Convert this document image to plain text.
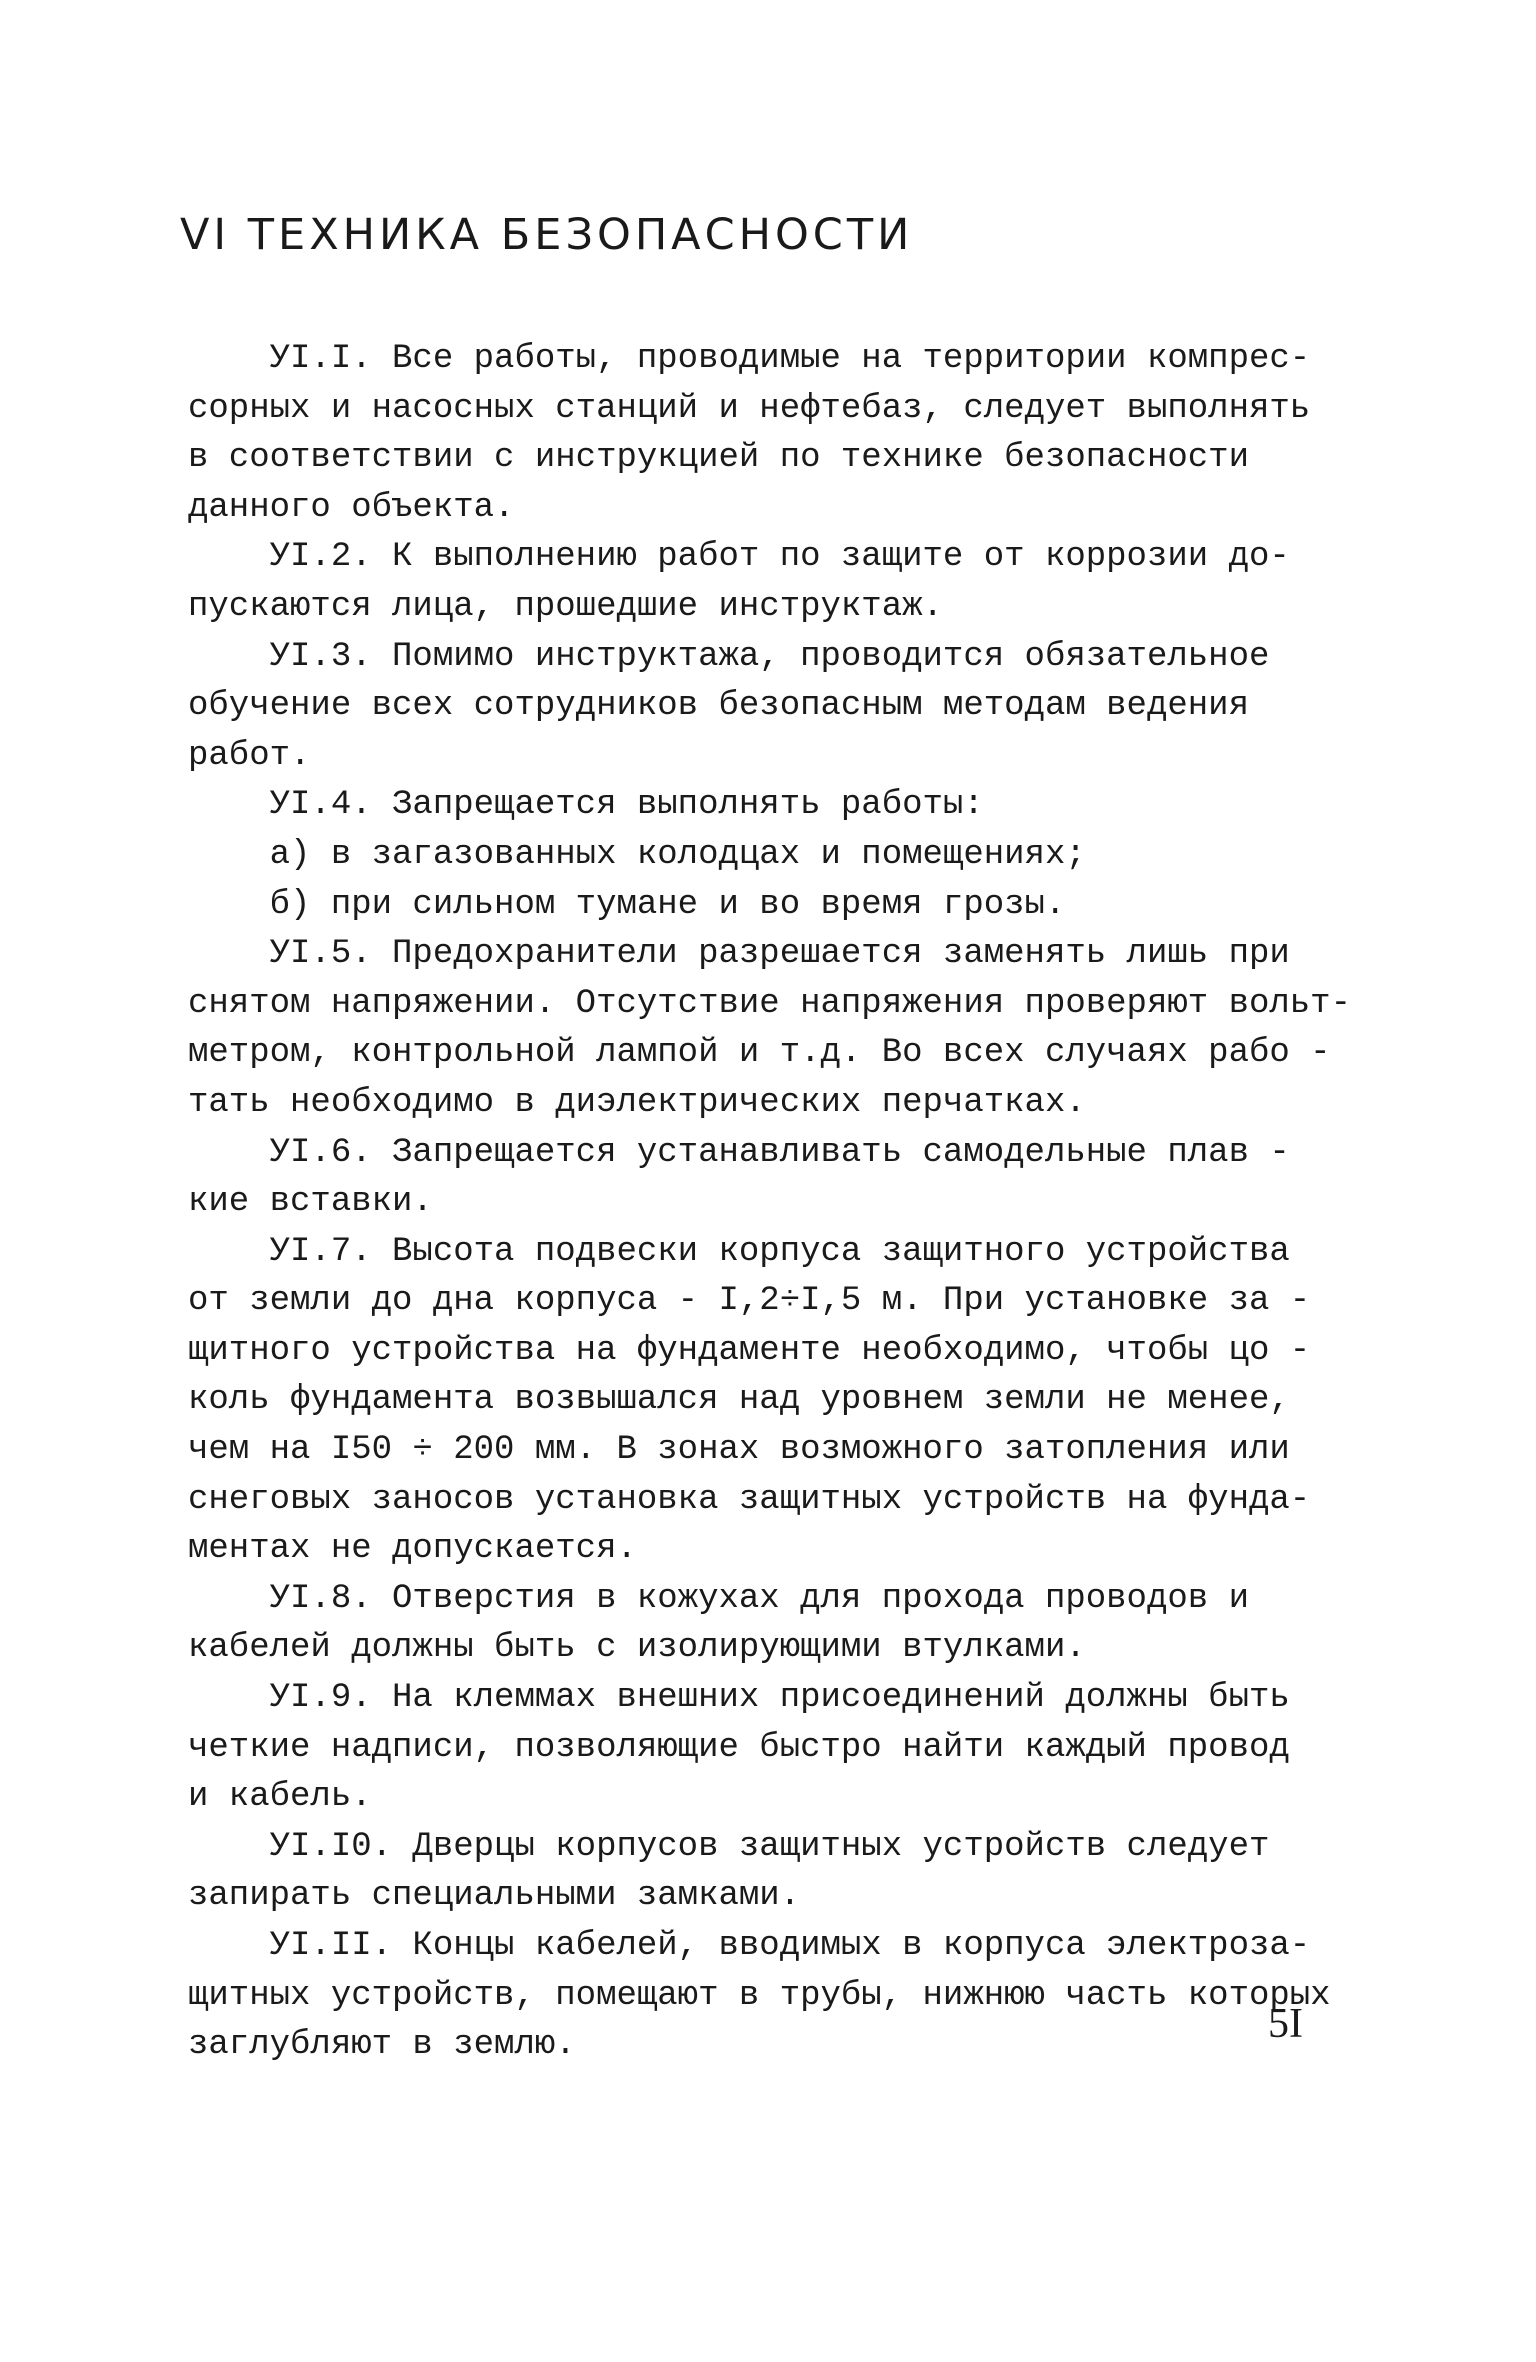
VI ТЕХНИКА БЕЗОПАСНОСТИ

УI.I. Все работы, проводимые на территории компрес-

сорных и насосных станций и нефтебаз, следует выполнять

в соответствии с инструкцией по технике безопасности

данного объекта.

УI.2. К выполнению работ по защите от коррозии до-

пускаются лица, прошедшие инструктаж.

УI.3. Помимо инструктажа, проводится обязательное

обучение всех сотрудников безопасным методам ведения

работ.

УI.4. Запрещается выполнять работы:

а) в загазованных колодцах и помещениях;

б) при сильном тумане и во время грозы.

УI.5. Предохранители разрешается заменять лишь при

снятом напряжении. Отсутствие напряжения проверяют вольт-

метром, контрольной лампой и т.д. Во всех случаях рабо -

тать необходимо в диэлектрических перчатках.

УI.6. Запрещается устанавливать самодельные плав -

кие вставки.

УI.7. Высота подвески корпуса защитного устройства

от земли до дна корпуса - I,2÷I,5 м. При установке за -

щитного устройства на фундаменте необходимо, чтобы цо -

коль фундамента возвышался над уровнем земли не менее,

чем на I50 ÷ 200 мм. В зонах возможного затопления или

снеговых заносов установка защитных устройств на фунда-

ментах не допускается.

УI.8. Отверстия в кожухах для прохода проводов и

кабелей должны быть с изолирующими втулками.

УI.9. На клеммах внешних присоединений должны быть

четкие надписи, позволяющие быстро найти каждый провод

и кабель.

УI.I0. Дверцы корпусов защитных устройств следует

запирать специальными замками.

УI.II. Концы кабелей, вводимых в корпуса электроза-

щитных устройств, помещают в трубы, нижнюю часть которых

заглубляют в землю.	5I
